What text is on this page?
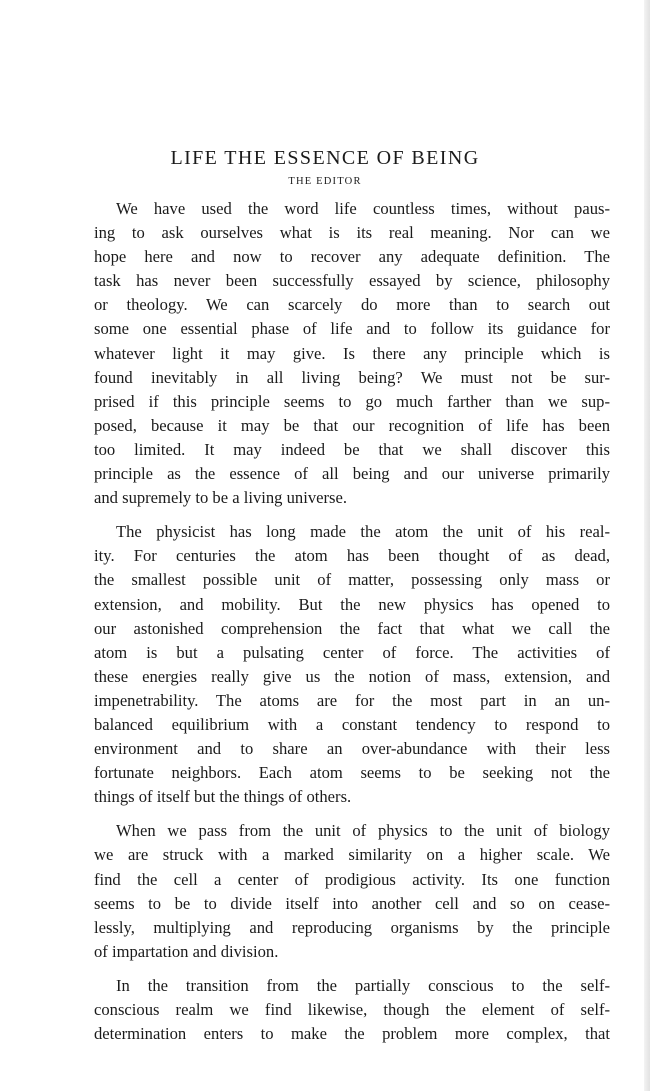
LIFE THE ESSENCE OF BEING
THE EDITOR

We have used the word life countless times, without paus-
ing to ask ourselves what is its real meaning. Nor can we
hope here and now to recover any adequate definition. The
task has never been successfully essayed by science, philosophy
or theology. We can scarcely do more than to search out
some one essential phase of life and to follow its guidance for
whatever light it may give. Is there any principle which is
found inevitably in all living being? We must not be sur-
prised if this principle seems to go much farther than we sup-
posed, because it may be that our recognition of life has been
too limited. It may indeed be that we shall discover this
principle as the essence of all being and our universe primarily
and supremely to be a living universe.

The physicist has long made the atom the unit of his real-
ity. For centuries the atom has been thought of as dead,
the smallest possible unit of matter, possessing only mass or
extension, and mobility. But the new physics has opened to
our astonished comprehension the fact that what we call the
atom is but a pulsating center of force. The activities of
these energies really give us the notion of mass, extension, and
impenetrability. The atoms are for the most part in an un-
balanced equilibrium with a constant tendency to respond to
environment and to share an over-abundance with their less
fortunate neighbors. Each atom seems to be seeking not the
things of itself but the things of others.

When we pass from the unit of physics to the unit of biology
we are struck with a marked similarity on a higher scale. We
find the cell a center of prodigious activity. Its one function
seems to be to divide itself into another cell and so on cease-
lessly, multiplying and reproducing organisms by the principle
of impartation and division.

In the transition from the partially conscious to the self-
conscious realm we find likewise, though the element of self-
determination enters to make the problem more complex, that
